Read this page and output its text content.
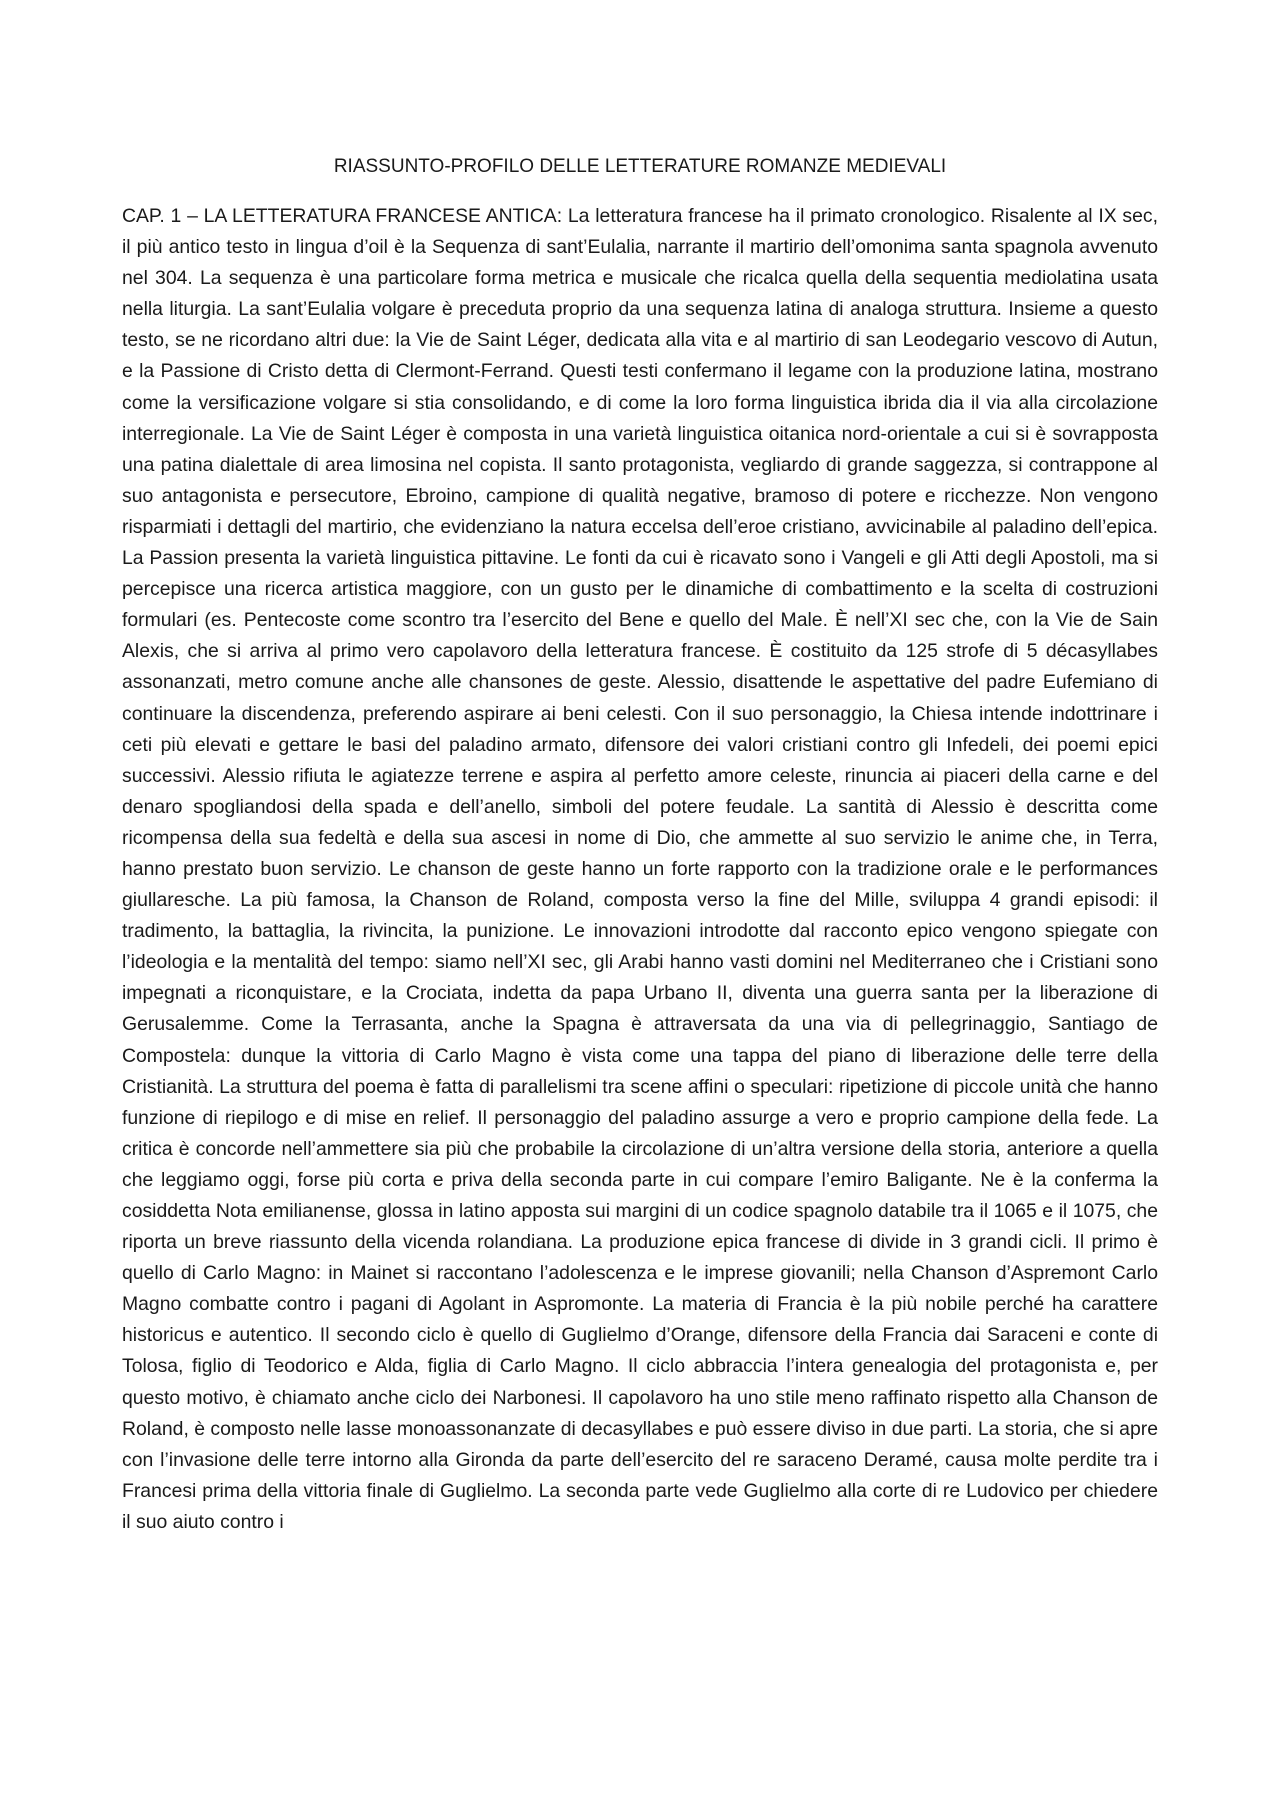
RIASSUNTO-PROFILO DELLE LETTERATURE ROMANZE MEDIEVALI

CAP. 1 – LA LETTERATURA FRANCESE ANTICA: La letteratura francese ha il primato cronologico. Risalente al IX sec, il più antico testo in lingua d’oil è la Sequenza di sant’Eulalia, narrante il martirio dell’omonima santa spagnola avvenuto nel 304. La sequenza è una particolare forma metrica e musicale che ricalca quella della sequentia mediolatina usata nella liturgia. La sant’Eulalia volgare è preceduta proprio da una sequenza latina di analoga struttura. Insieme a questo testo, se ne ricordano altri due: la Vie de Saint Léger, dedicata alla vita e al martirio di san Leodegario vescovo di Autun, e la Passione di Cristo detta di Clermont-Ferrand. Questi testi confermano il legame con la produzione latina, mostrano come la versificazione volgare si stia consolidando, e di come la loro forma linguistica ibrida dia il via alla circolazione interregionale. La Vie de Saint Léger è composta in una varietà linguistica oitanica nord-orientale a cui si è sovrapposta una patina dialettale di area limosina nel copista. Il santo protagonista, vegliardo di grande saggezza, si contrappone al suo antagonista e persecutore, Ebroino, campione di qualità negative, bramoso di potere e ricchezze. Non vengono risparmiati i dettagli del martirio, che evidenziano la natura eccelsa dell’eroe cristiano, avvicinabile al paladino dell’epica. La Passion presenta la varietà linguistica pittavine. Le fonti da cui è ricavato sono i Vangeli e gli Atti degli Apostoli, ma si percepisce una ricerca artistica maggiore, con un gusto per le dinamiche di combattimento e la scelta di costruzioni formulari (es. Pentecoste come scontro tra l’esercito del Bene e quello del Male. È nell’XI sec che, con la Vie de Sain Alexis, che si arriva al primo vero capolavoro della letteratura francese. È costituito da 125 strofe di 5 décasyllabes assonanzati, metro comune anche alle chansones de geste. Alessio, disattende le aspettative del padre Eufemiano di continuare la discendenza, preferendo aspirare ai beni celesti. Con il suo personaggio, la Chiesa intende indottrinare i ceti più elevati e gettare le basi del paladino armato, difensore dei valori cristiani contro gli Infedeli, dei poemi epici successivi. Alessio rifiuta le agiatezze terrene e aspira al perfetto amore celeste, rinuncia ai piaceri della carne e del denaro spogliandosi della spada e dell’anello, simboli del potere feudale. La santità di Alessio è descritta come ricompensa della sua fedeltà e della sua ascesi in nome di Dio, che ammette al suo servizio le anime che, in Terra, hanno prestato buon servizio. Le chanson de geste hanno un forte rapporto con la tradizione orale e le performances giullaresche. La più famosa, la Chanson de Roland, composta verso la fine del Mille, sviluppa 4 grandi episodi: il tradimento, la battaglia, la rivincita, la punizione. Le innovazioni introdotte dal racconto epico vengono spiegate con l’ideologia e la mentalità del tempo: siamo nell’XI sec, gli Arabi hanno vasti domini nel Mediterraneo che i Cristiani sono impegnati a riconquistare, e la Crociata, indetta da papa Urbano II, diventa una guerra santa per la liberazione di Gerusalemme. Come la Terrasanta, anche la Spagna è attraversata da una via di pellegrinaggio, Santiago de Compostela: dunque la vittoria di Carlo Magno è vista come una tappa del piano di liberazione delle terre della Cristianità. La struttura del poema è fatta di parallelismi tra scene affini o speculari: ripetizione di piccole unità che hanno funzione di riepilogo e di mise en relief. Il personaggio del paladino assurge a vero e proprio campione della fede. La critica è concorde nell’ammettere sia più che probabile la circolazione di un’altra versione della storia, anteriore a quella che leggiamo oggi, forse più corta e priva della seconda parte in cui compare l’emiro Baligante. Ne è la conferma la cosiddetta Nota emilianense, glossa in latino apposta sui margini di un codice spagnolo databile tra il 1065 e il 1075, che riporta un breve riassunto della vicenda rolandiana. La produzione epica francese di divide in 3 grandi cicli. Il primo è quello di Carlo Magno: in Mainet si raccontano l’adolescenza e le imprese giovanili; nella Chanson d’Aspremont Carlo Magno combatte contro i pagani di Agolant in Aspromonte. La materia di Francia è la più nobile perché ha carattere historicus e autentico. Il secondo ciclo è quello di Guglielmo d’Orange, difensore della Francia dai Saraceni e conte di Tolosa, figlio di Teodorico e Alda, figlia di Carlo Magno. Il ciclo abbraccia l’intera genealogia del protagonista e, per questo motivo, è chiamato anche ciclo dei Narbonesi. Il capolavoro ha uno stile meno raffinato rispetto alla Chanson de Roland, è composto nelle lasse monoassonanzate di decasyllabes e può essere diviso in due parti. La storia, che si apre con l’invasione delle terre intorno alla Gironda da parte dell’esercito del re saraceno Deramé, causa molte perdite tra i Francesi prima della vittoria finale di Guglielmo. La seconda parte vede Guglielmo alla corte di re Ludovico per chiedere il suo aiuto contro i
